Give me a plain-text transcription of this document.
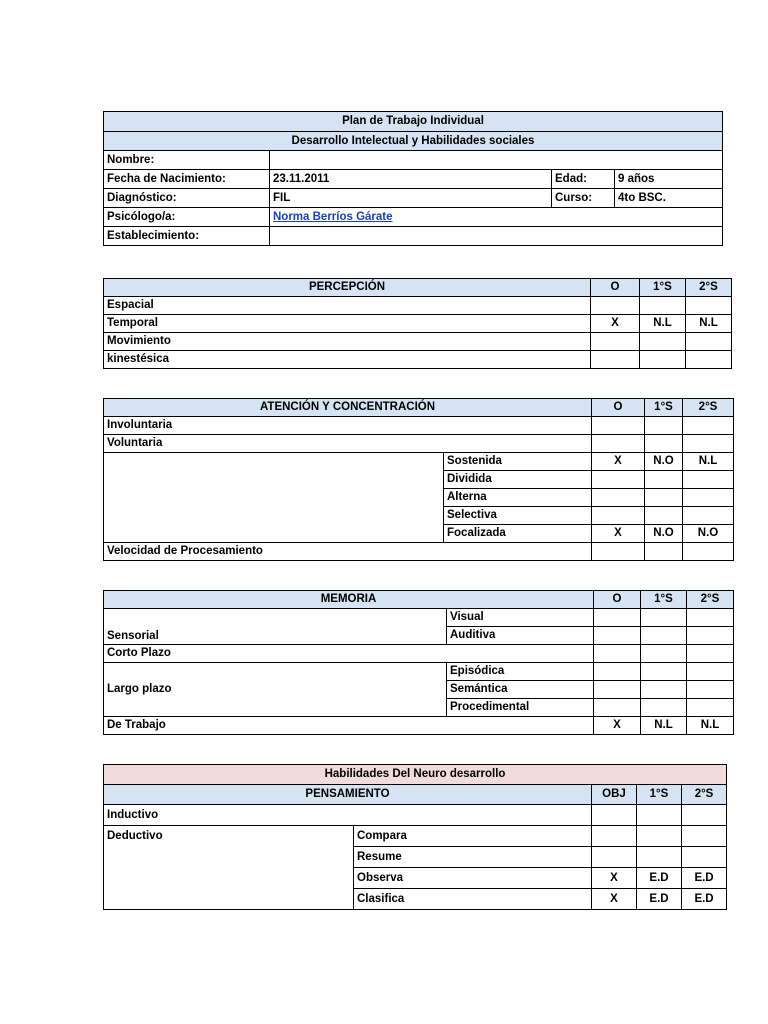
Plan de Trabajo Individual			
Desarrollo Intelectual y Habilidades sociales			
Nombre:			
Fecha de Nacimiento:	23.11.2011	Edad:	9 años
Diagnóstico:	FIL	Curso:	4to BSC.
Psicólogo/a:	Norma Berríos Gárate		
Establecimiento:			
PERCEPCIÓN	O	1°S	2°S
Espacial			
Temporal	X	N.L	N.L
Movimiento			
kinestésica			
ATENCIÓN Y CONCENTRACIÓN		O	1°S	2°S
Involuntaria				
Voluntaria				
	Sostenida	X	N.O	N.L
	Dividida			
	Alterna			
	Selectiva			
	Focalizada	X	N.O	N.O
Velocidad de Procesamiento				
MEMORIA		O	1°S	2°S
Sensorial	Visual			
	Auditiva			
Corto Plazo				
Largo plazo	Episódica			
	Semántica			
	Procedimental			
De Trabajo		X	N.L	N.L
Habilidades Del Neuro desarrollo				
PENSAMIENTO		OBJ	1°S	2°S
Inductivo				
Deductivo	Compara			
	Resume			
	Observa	X	E.D	E.D
	Clasifica	X	E.D	E.D
